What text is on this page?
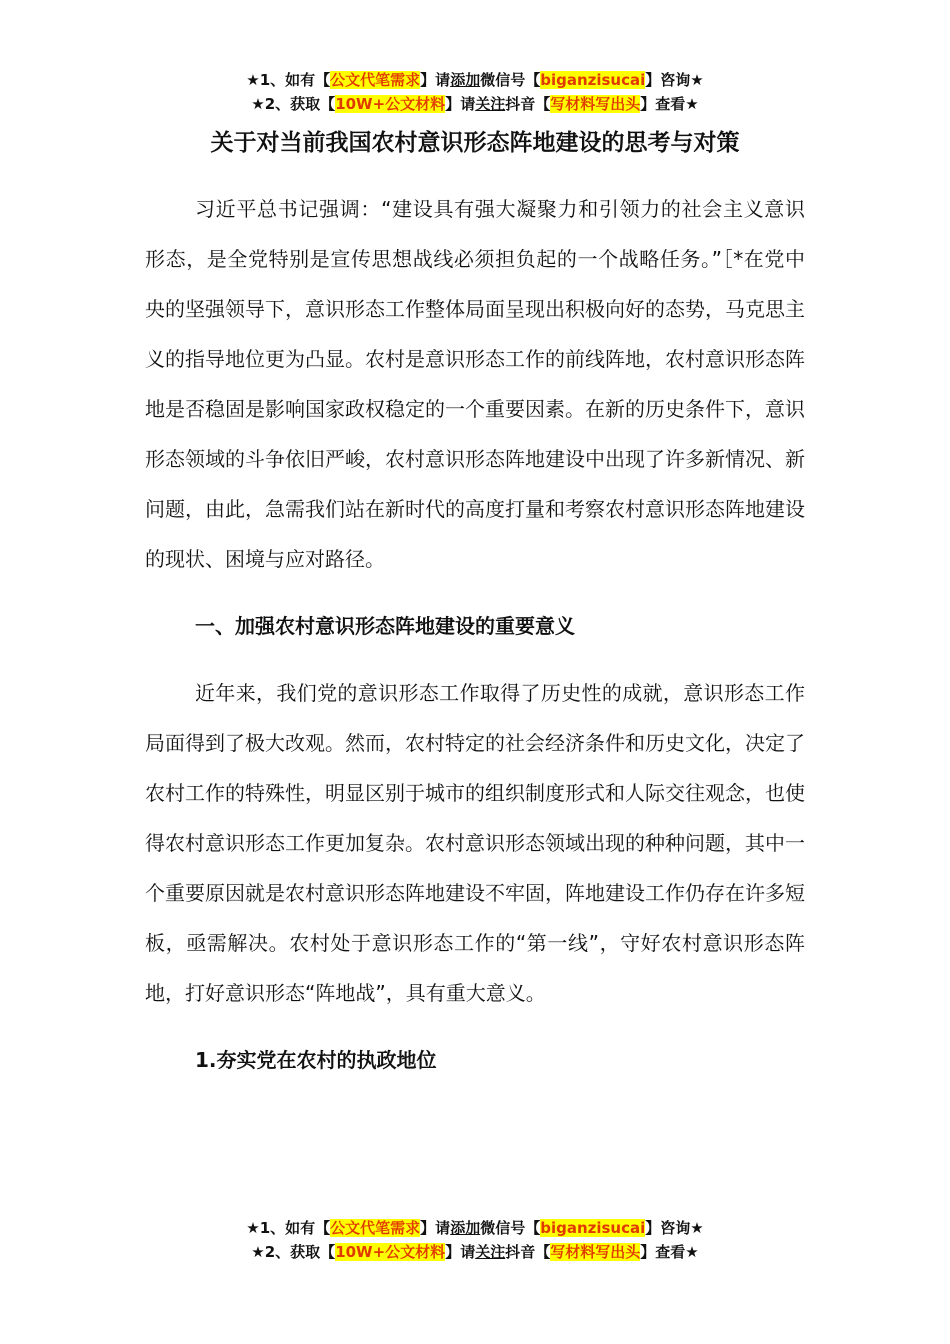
★1、如有【公文代笔需求】请添加微信号【biganzisucai】咨询★
★2、获取【10W+公文材料】请关注抖音【写材料写出头】查看★
关于对当前我国农村意识形态阵地建设的思考与对策

习近平总书记强调：“建设具有强大凝聚力和引领力的社会主义意识形态，是全党特别是宣传思想战线必须担负起的一个战略任务。”［*在党中央的坚强领导下，意识形态工作整体局面呈现出积极向好的态势，马克思主义的指导地位更为凸显。农村是意识形态工作的前线阵地，农村意识形态阵地是否稳固是影响国家政权稳定的一个重要因素。在新的历史条件下，意识形态领域的斗争依旧严峻，农村意识形态阵地建设中出现了许多新情况、新问题，由此，急需我们站在新时代的高度打量和考察农村意识形态阵地建设的现状、困境与应对路径。

一、加强农村意识形态阵地建设的重要意义

近年来，我们党的意识形态工作取得了历史性的成就，意识形态工作局面得到了极大改观。然而，农村特定的社会经济条件和历史文化，决定了农村工作的特殊性，明显区别于城市的组织制度形式和人际交往观念，也使得农村意识形态工作更加复杂。农村意识形态领域出现的种种问题，其中一个重要原因就是农村意识形态阵地建设不牢固，阵地建设工作仍存在许多短板，亟需解决。农村处于意识形态工作的“第一线”，守好农村意识形态阵地，打好意识形态“阵地战”，具有重大意义。

1.夯实党在农村的执政地位
★1、如有【公文代笔需求】请添加微信号【biganzisucai】咨询★
★2、获取【10W+公文材料】请关注抖音【写材料写出头】查看★
